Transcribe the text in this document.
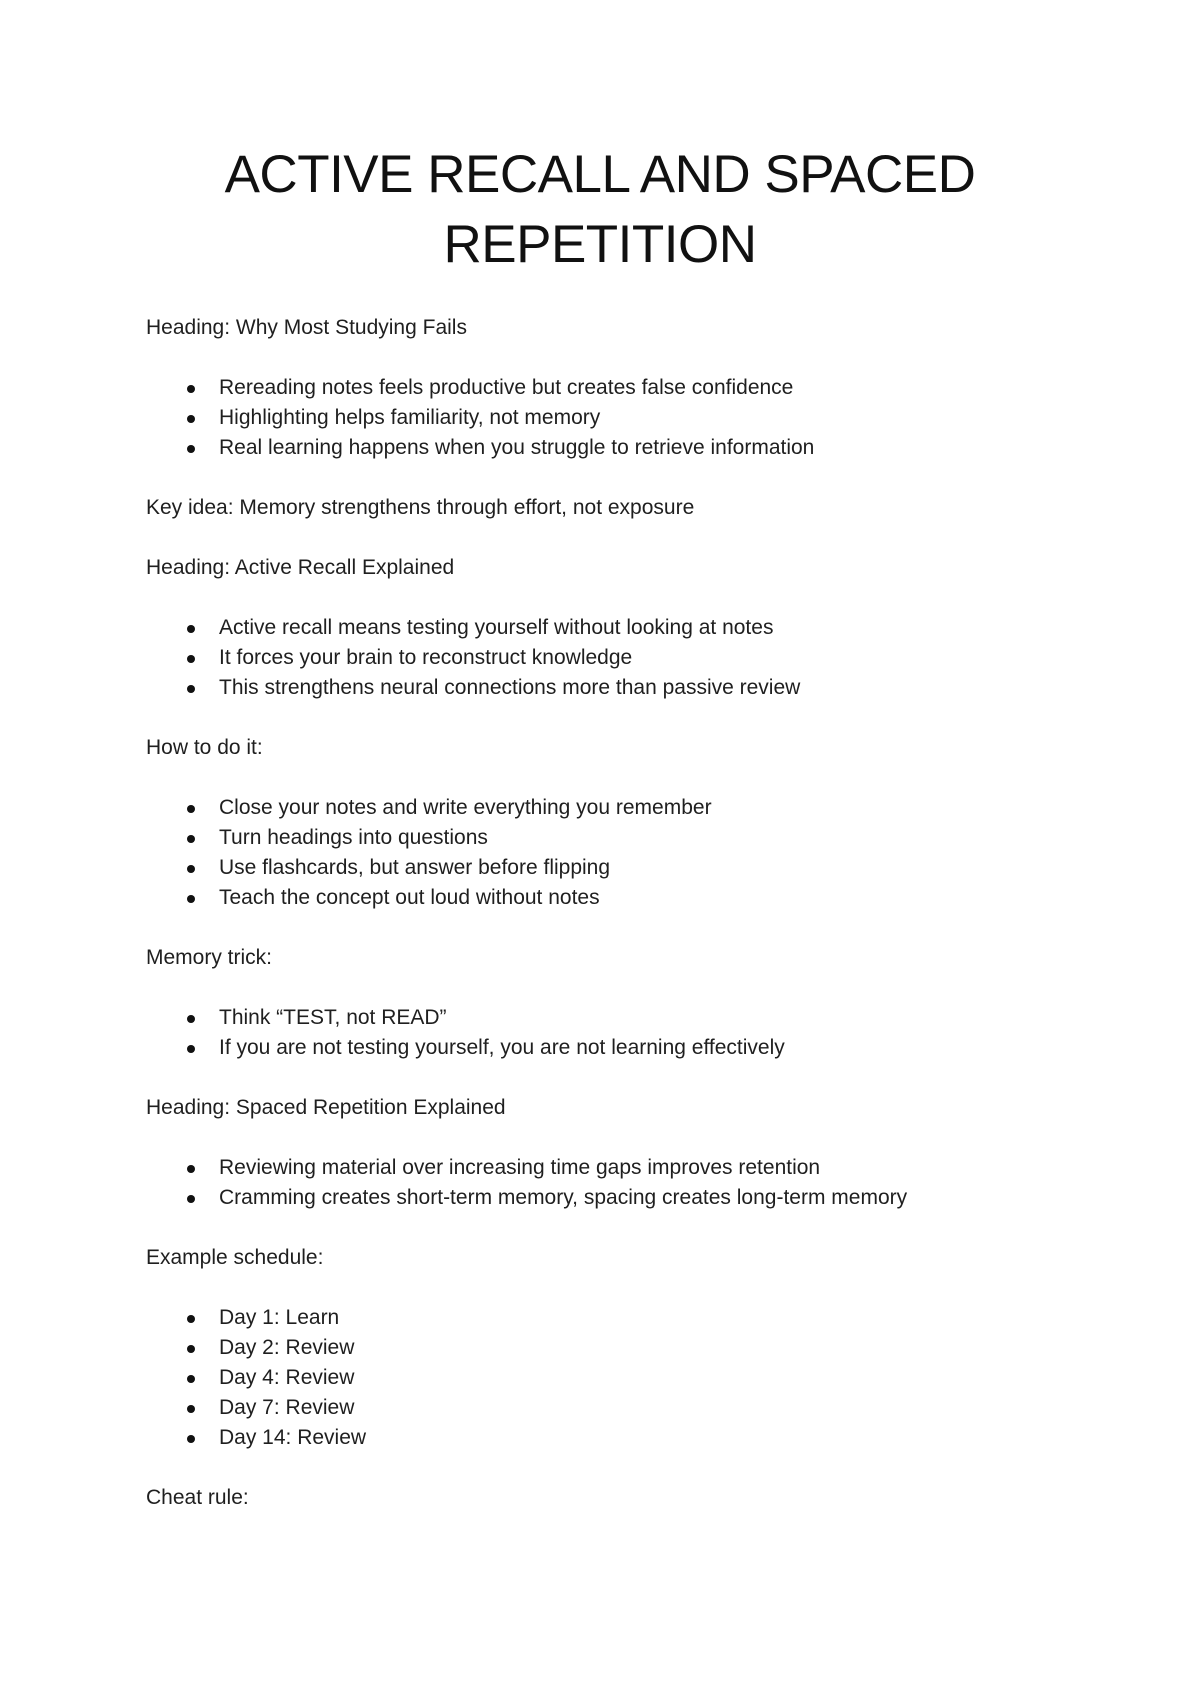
ACTIVE RECALL AND SPACED
REPETITION

Heading: Why Most Studying Fails

Rereading notes feels productive but creates false confidence
Highlighting helps familiarity, not memory
Real learning happens when you struggle to retrieve information

Key idea: Memory strengthens through effort, not exposure

Heading: Active Recall Explained

Active recall means testing yourself without looking at notes
It forces your brain to reconstruct knowledge
This strengthens neural connections more than passive review

How to do it:

Close your notes and write everything you remember
Turn headings into questions
Use flashcards, but answer before flipping
Teach the concept out loud without notes

Memory trick:

Think “TEST, not READ”
If you are not testing yourself, you are not learning effectively

Heading: Spaced Repetition Explained

Reviewing material over increasing time gaps improves retention
Cramming creates short-term memory, spacing creates long-term memory

Example schedule:

Day 1: Learn
Day 2: Review
Day 4: Review
Day 7: Review
Day 14: Review

Cheat rule:
